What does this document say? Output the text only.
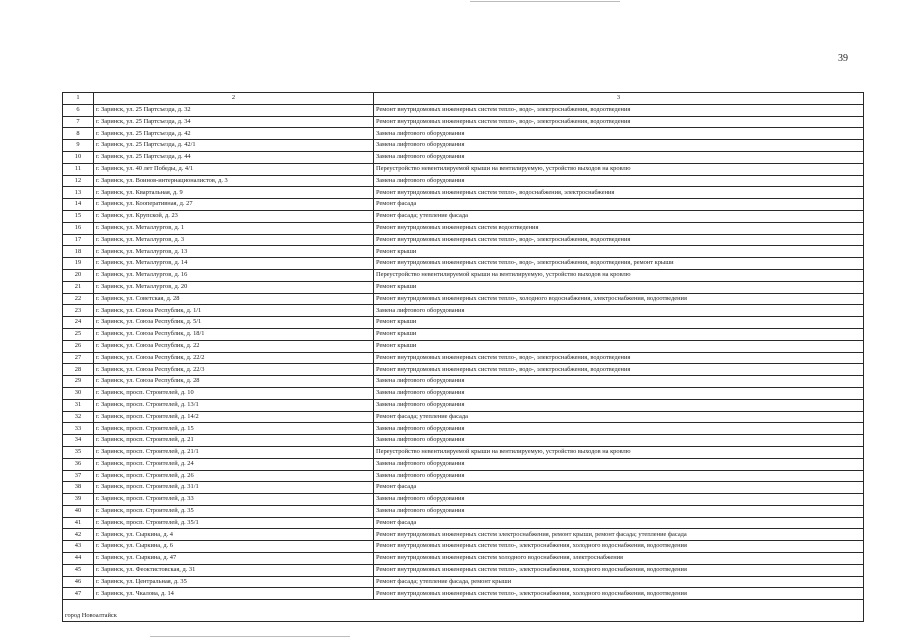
39
1	2	3
6	г. Заринск, ул. 25 Партсъезда, д. 32	Ремонт внутридомовых инженерных систем тепло-, водо-, электроснабжения, водоотведения
7	г. Заринск, ул. 25 Партсъезда, д. 34	Ремонт внутридомовых инженерных систем тепло-, водо-, электроснабжения, водоотведения
8	г. Заринск, ул. 25 Партсъезда, д. 42	Замена лифтового оборудования
9	г. Заринск, ул. 25 Партсъезда, д. 42/1	Замена лифтового оборудования
10	г. Заринск, ул. 25 Партсъезда, д. 44	Замена лифтового оборудования
11	г. Заринск, ул. 40 лет Победы, д. 4/1	Переустройство невентилируемой крыши на вентилируемую, устройство выходов на кровлю
12	г. Заринск, ул. Воинов-интернационалистов, д. 3	Замена лифтового оборудования
13	г. Заринск, ул. Квартальная, д. 9	Ремонт внутридомовых инженерных систем тепло-, водоснабжения, электроснабжения
14	г. Заринск, ул. Кооперативная, д. 27	Ремонт фасада
15	г. Заринск, ул. Крупской, д. 23	Ремонт фасада; утепление фасада
16	г. Заринск, ул. Металлургов, д. 1	Ремонт внутридомовых инженерных систем водоотведения
17	г. Заринск, ул. Металлургов, д. 3	Ремонт внутридомовых инженерных систем тепло-, водо-, электроснабжения, водоотведения
18	г. Заринск, ул. Металлургов, д. 13	Ремонт крыши
19	г. Заринск, ул. Металлургов, д. 14	Ремонт внутридомовых инженерных систем тепло-, водо-, электроснабжения, водоотведения, ремонт крыши
20	г. Заринск, ул. Металлургов, д. 16	Переустройство невентилируемой крыши на вентилируемую, устройство выходов на кровлю
21	г. Заринск, ул. Металлургов, д. 20	Ремонт крыши
22	г. Заринск, ул. Советская, д. 28	Ремонт внутридомовых инженерных систем тепло-, холодного водоснабжения, электроснабжения, водоотведения
23	г. Заринск, ул. Союза Республик, д. 1/1	Замена лифтового оборудования
24	г. Заринск, ул. Союза Республик, д. 5/1	Ремонт крыши
25	г. Заринск, ул. Союза Республик, д. 18/1	Ремонт крыши
26	г. Заринск, ул. Союза Республик, д. 22	Ремонт крыши
27	г. Заринск, ул. Союза Республик, д. 22/2	Ремонт внутридомовых инженерных систем тепло-, водо-, электроснабжения, водоотведения
28	г. Заринск, ул. Союза Республик, д. 22/3	Ремонт внутридомовых инженерных систем тепло-, водо-, электроснабжения, водоотведения
29	г. Заринск, ул. Союза Республик, д. 28	Замена лифтового оборудования
30	г. Заринск, просп. Строителей, д. 10	Замена лифтового оборудования
31	г. Заринск, просп. Строителей, д. 13/1	Замена лифтового оборудования
32	г. Заринск, просп. Строителей, д. 14/2	Ремонт фасада; утепление фасада
33	г. Заринск, просп. Строителей, д. 15	Замена лифтового оборудования
34	г. Заринск, просп. Строителей, д. 21	Замена лифтового оборудования
35	г. Заринск, просп. Строителей, д. 21/1	Переустройство невентилируемой крыши на вентилируемую, устройство выходов на кровлю
36	г. Заринск, просп. Строителей, д. 24	Замена лифтового оборудования
37	г. Заринск, просп. Строителей, д. 26	Замена лифтового оборудования
38	г. Заринск, просп. Строителей, д. 31/1	Ремонт фасада
39	г. Заринск, просп. Строителей, д. 33	Замена лифтового оборудования
40	г. Заринск, просп. Строителей, д. 35	Замена лифтового оборудования
41	г. Заринск, просп. Строителей, д. 35/1	Ремонт фасада
42	г. Заринск, ул. Сыркина, д. 4	Ремонт внутридомовых инженерных систем электроснабжения, ремонт крыши, ремонт фасада; утепление фасада
43	г. Заринск, ул. Сыркина, д. 6	Ремонт внутридомовых инженерных систем тепло-, электроснабжения, холодного водоснабжения, водоотведения
44	г. Заринск, ул. Сыркина, д. 47	Ремонт внутридомовых инженерных систем холодного водоснабжения, электроснабжения
45	г. Заринск, ул. Феоктистовская, д. 31	Ремонт внутридомовых инженерных систем тепло-, электроснабжения, холодного водоснабжения, водоотведения
46	г. Заринск, ул. Центральная, д. 35	Ремонт фасада; утепление фасада, ремонт крыши
47	г. Заринск, ул. Чкалова, д. 14	Ремонт внутридомовых инженерных систем тепло-, электроснабжения, холодного водоснабжения, водоотведения
город Новоалтайск		
